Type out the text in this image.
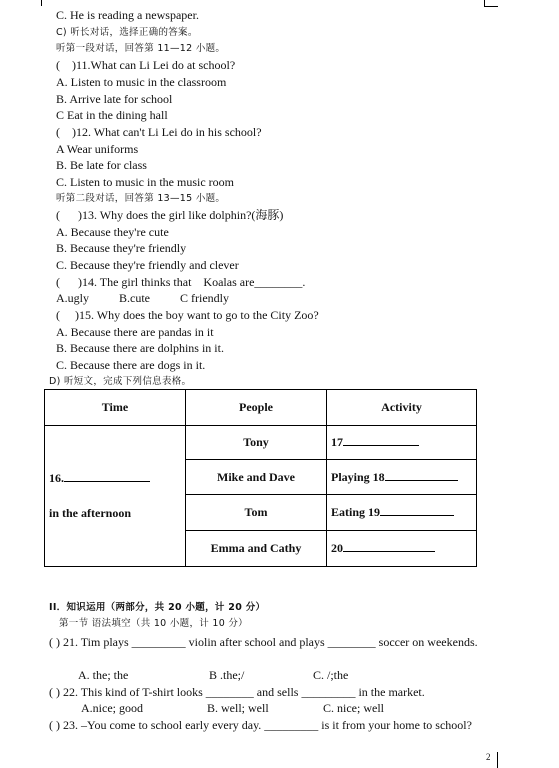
C. He is reading a newspaper.
C) 听长对话，选择正确的答案。
听第一段对话，回答第 11—12 小题。
(    )11.What can Li Lei do at school?
A. Listen to music in the classroom
B. Arrive late for school
C Eat in the dining hall
(    )12. What can't Li Lei do in his school?
A Wear uniforms
B. Be late for class
C. Listen to music in the music room
听第二段对话，回答第 13—15 小题。
(      )13. Why does the girl like dolphin?(海豚)
A. Because they're cute
B. Because they're friendly
C. Because they're friendly and clever
(      )14. The girl thinks that    Koalas are________.
A.ugly          B.cute          C friendly
(     )15. Why does the boy want to go to the City Zoo?
A. Because there are pandas in it
B. Because there are dolphins in it.
C. Because there are dogs in it.
D) 听短文，完成下列信息表格。
Time	People	Activity

16.
in the afternoon	Tony	17
	Mike and Dave	Playing 18
	Tom	Eating 19
	Emma and Cathy	20
II．知识运用（两部分，共 20 小题，计 20 分）
第一节 语法填空（共 10 小题，计 10 分）
( ) 21. Tim plays _________ violin after school and plays ________ soccer on weekends.
A. the; the	B .the;/	C. /;the
( ) 22. This kind of T-shirt looks ________ and sells _________ in the market.
A.nice; good	B. well; well	C. nice; well
( ) 23. –You come to school early every day. _________ is it from your home to school?
2
